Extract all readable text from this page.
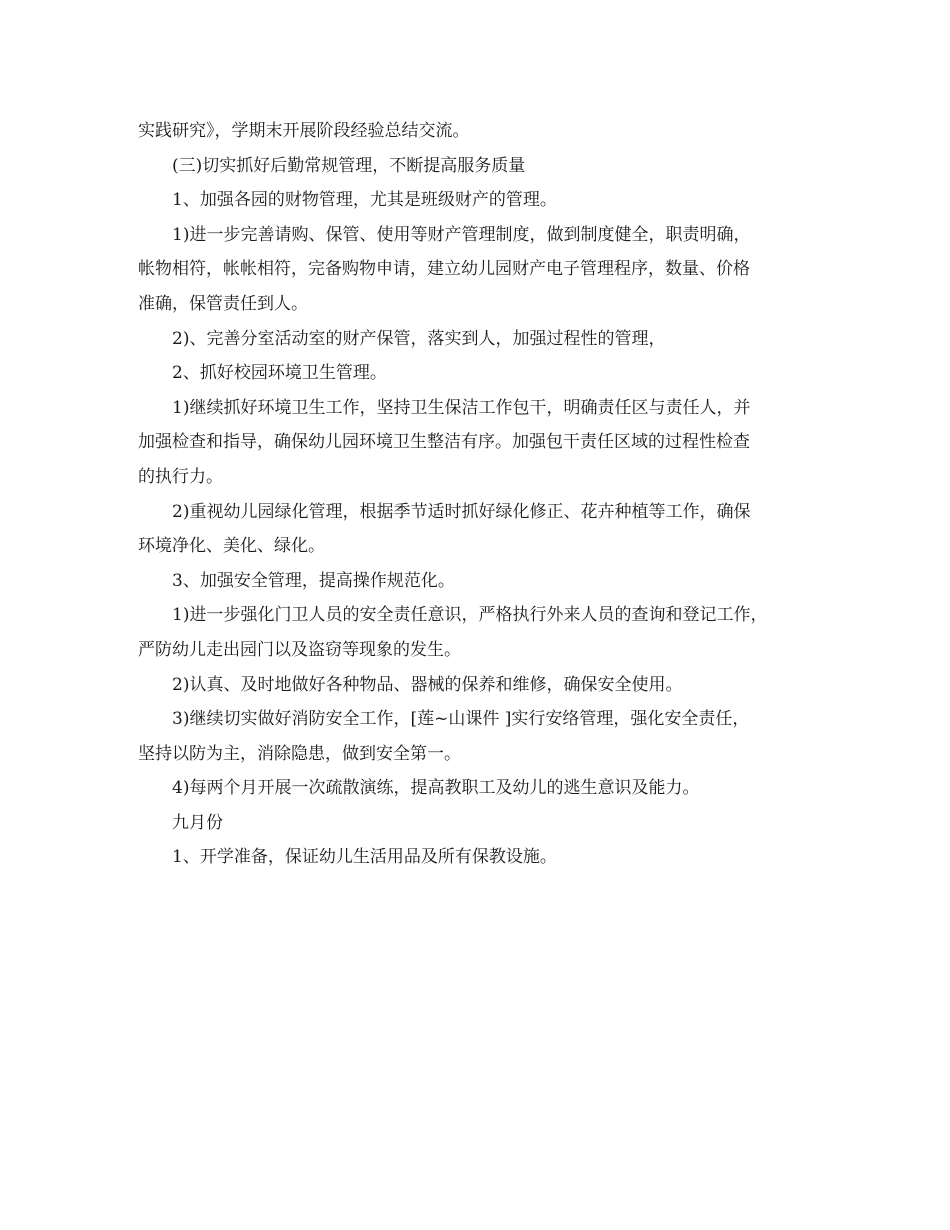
实践研究》，学期末开展阶段经验总结交流。

(三)切实抓好后勤常规管理，不断提高服务质量

1、加强各园的财物管理，尤其是班级财产的管理。

1)进一步完善请购、保管、使用等财产管理制度，做到制度健全，职责明确，

帐物相符，帐帐相符，完备购物申请，建立幼儿园财产电子管理程序，数量、价格

准确，保管责任到人。

2)、完善分室活动室的财产保管，落实到人，加强过程性的管理，

2、抓好校园环境卫生管理。

1)继续抓好环境卫生工作，坚持卫生保洁工作包干，明确责任区与责任人，并

加强检查和指导，确保幼儿园环境卫生整洁有序。加强包干责任区域的过程性检查

的执行力。

2)重视幼儿园绿化管理，根据季节适时抓好绿化修正、花卉种植等工作，确保

环境净化、美化、绿化。

3、加强安全管理，提高操作规范化。

1)进一步强化门卫人员的安全责任意识，严格执行外来人员的查询和登记工作，

严防幼儿走出园门以及盗窃等现象的发生。

2)认真、及时地做好各种物品、器械的保养和维修，确保安全使用。

3)继续切实做好消防安全工作，[莲~山课件 ]实行安络管理，强化安全责任，

坚持以防为主，消除隐患，做到安全第一。

4)每两个月开展一次疏散演练，提高教职工及幼儿的逃生意识及能力。

九月份

1、开学准备，保证幼儿生活用品及所有保教设施。
